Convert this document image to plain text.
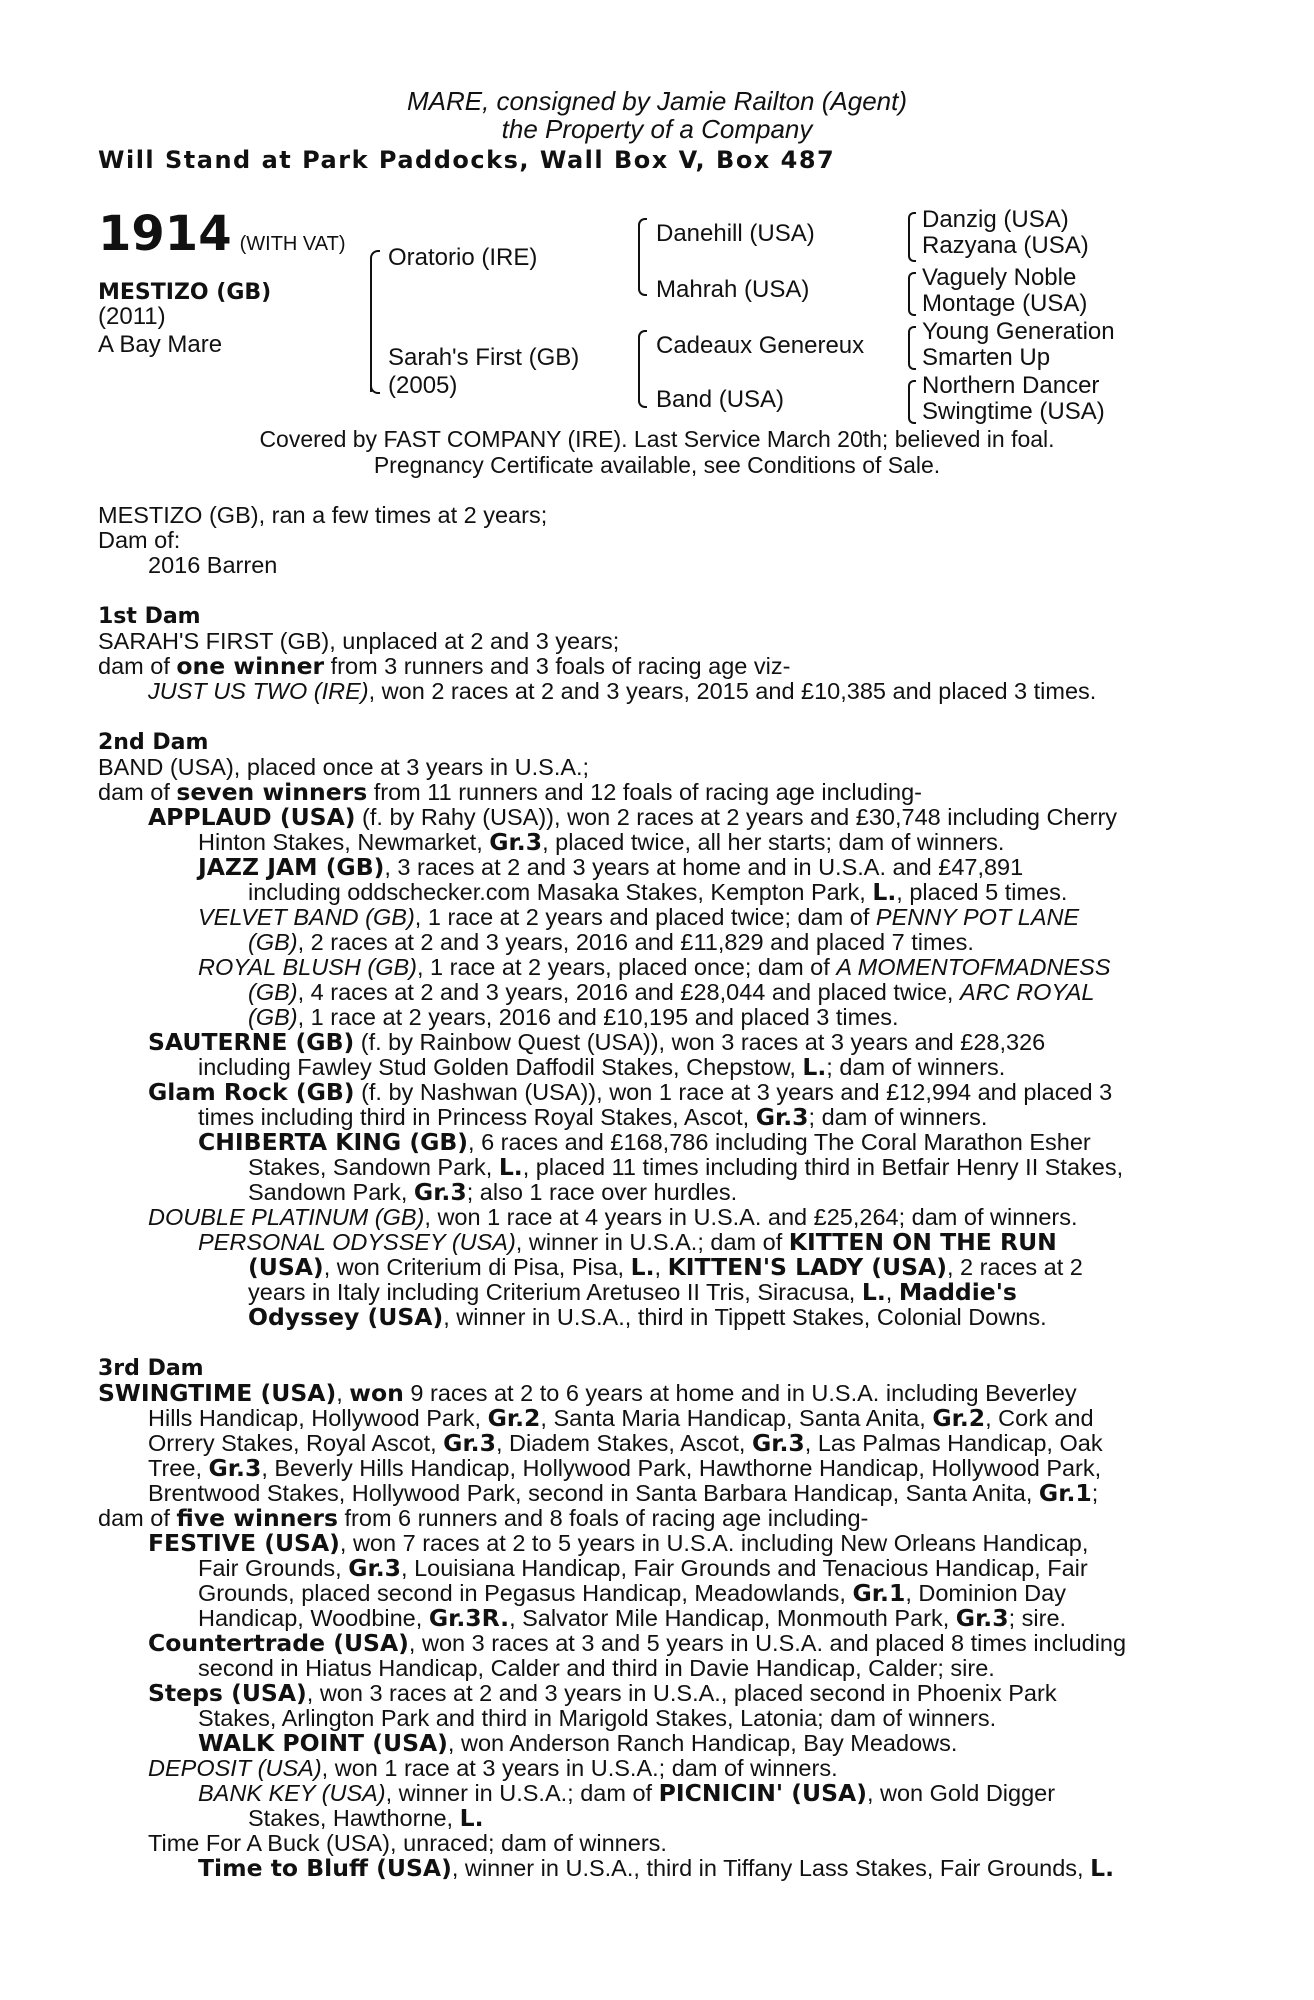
MARE, consigned by Jamie Railton (Agent)
the Property of a Company
Will Stand at Park Paddocks, Wall Box V, Box 487
1914 (WITH VAT)
MESTIZO (GB)
(2011)
A Bay Mare
Oratorio (IRE)
Sarah's First (GB)
(2005)
Danehill (USA)
Mahrah (USA)
Cadeaux Genereux
Band (USA)
Danzig (USA)
Razyana (USA)
Vaguely Noble
Montage (USA)
Young Generation
Smarten Up
Northern Dancer
Swingtime (USA)
Covered by FAST COMPANY (IRE). Last Service March 20th; believed in foal.
Pregnancy Certificate available, see Conditions of Sale.
MESTIZO (GB), ran a few times at 2 years;
Dam of:
2016 Barren
1st Dam
SARAH'S FIRST (GB), unplaced at 2 and 3 years;
dam of one winner from 3 runners and 3 foals of racing age viz-
JUST US TWO (IRE), won 2 races at 2 and 3 years, 2015 and £10,385 and placed 3 times.
2nd Dam
BAND (USA), placed once at 3 years in U.S.A.;
dam of seven winners from 11 runners and 12 foals of racing age including-
APPLAUD (USA) (f. by Rahy (USA)), won 2 races at 2 years and £30,748 including Cherry
Hinton Stakes, Newmarket, Gr.3, placed twice, all her starts; dam of winners.
JAZZ JAM (GB), 3 races at 2 and 3 years at home and in U.S.A. and £47,891
including oddschecker.com Masaka Stakes, Kempton Park, L., placed 5 times.
VELVET BAND (GB), 1 race at 2 years and placed twice; dam of PENNY POT LANE
(GB), 2 races at 2 and 3 years, 2016 and £11,829 and placed 7 times.
ROYAL BLUSH (GB), 1 race at 2 years, placed once; dam of A MOMENTOFMADNESS
(GB), 4 races at 2 and 3 years, 2016 and £28,044 and placed twice, ARC ROYAL
(GB), 1 race at 2 years, 2016 and £10,195 and placed 3 times.
SAUTERNE (GB) (f. by Rainbow Quest (USA)), won 3 races at 3 years and £28,326
including Fawley Stud Golden Daffodil Stakes, Chepstow, L.; dam of winners.
Glam Rock (GB) (f. by Nashwan (USA)), won 1 race at 3 years and £12,994 and placed 3
times including third in Princess Royal Stakes, Ascot, Gr.3; dam of winners.
CHIBERTA KING (GB), 6 races and £168,786 including The Coral Marathon Esher
Stakes, Sandown Park, L., placed 11 times including third in Betfair Henry II Stakes,
Sandown Park, Gr.3; also 1 race over hurdles.
DOUBLE PLATINUM (GB), won 1 race at 4 years in U.S.A. and £25,264; dam of winners.
PERSONAL ODYSSEY (USA), winner in U.S.A.; dam of KITTEN ON THE RUN
(USA), won Criterium di Pisa, Pisa, L., KITTEN'S LADY (USA), 2 races at 2
years in Italy including Criterium Aretuseo II Tris, Siracusa, L., Maddie's
Odyssey (USA), winner in U.S.A., third in Tippett Stakes, Colonial Downs.
3rd Dam
SWINGTIME (USA), won 9 races at 2 to 6 years at home and in U.S.A. including Beverley
Hills Handicap, Hollywood Park, Gr.2, Santa Maria Handicap, Santa Anita, Gr.2, Cork and
Orrery Stakes, Royal Ascot, Gr.3, Diadem Stakes, Ascot, Gr.3, Las Palmas Handicap, Oak
Tree, Gr.3, Beverly Hills Handicap, Hollywood Park, Hawthorne Handicap, Hollywood Park,
Brentwood Stakes, Hollywood Park, second in Santa Barbara Handicap, Santa Anita, Gr.1;
dam of five winners from 6 runners and 8 foals of racing age including-
FESTIVE (USA), won 7 races at 2 to 5 years in U.S.A. including New Orleans Handicap,
Fair Grounds, Gr.3, Louisiana Handicap, Fair Grounds and Tenacious Handicap, Fair
Grounds, placed second in Pegasus Handicap, Meadowlands, Gr.1, Dominion Day
Handicap, Woodbine, Gr.3R., Salvator Mile Handicap, Monmouth Park, Gr.3; sire.
Countertrade (USA), won 3 races at 3 and 5 years in U.S.A. and placed 8 times including
second in Hiatus Handicap, Calder and third in Davie Handicap, Calder; sire.
Steps (USA), won 3 races at 2 and 3 years in U.S.A., placed second in Phoenix Park
Stakes, Arlington Park and third in Marigold Stakes, Latonia; dam of winners.
WALK POINT (USA), won Anderson Ranch Handicap, Bay Meadows.
DEPOSIT (USA), won 1 race at 3 years in U.S.A.; dam of winners.
BANK KEY (USA), winner in U.S.A.; dam of PICNICIN' (USA), won Gold Digger
Stakes, Hawthorne, L.
Time For A Buck (USA), unraced; dam of winners.
Time to Bluff (USA), winner in U.S.A., third in Tiffany Lass Stakes, Fair Grounds, L.
